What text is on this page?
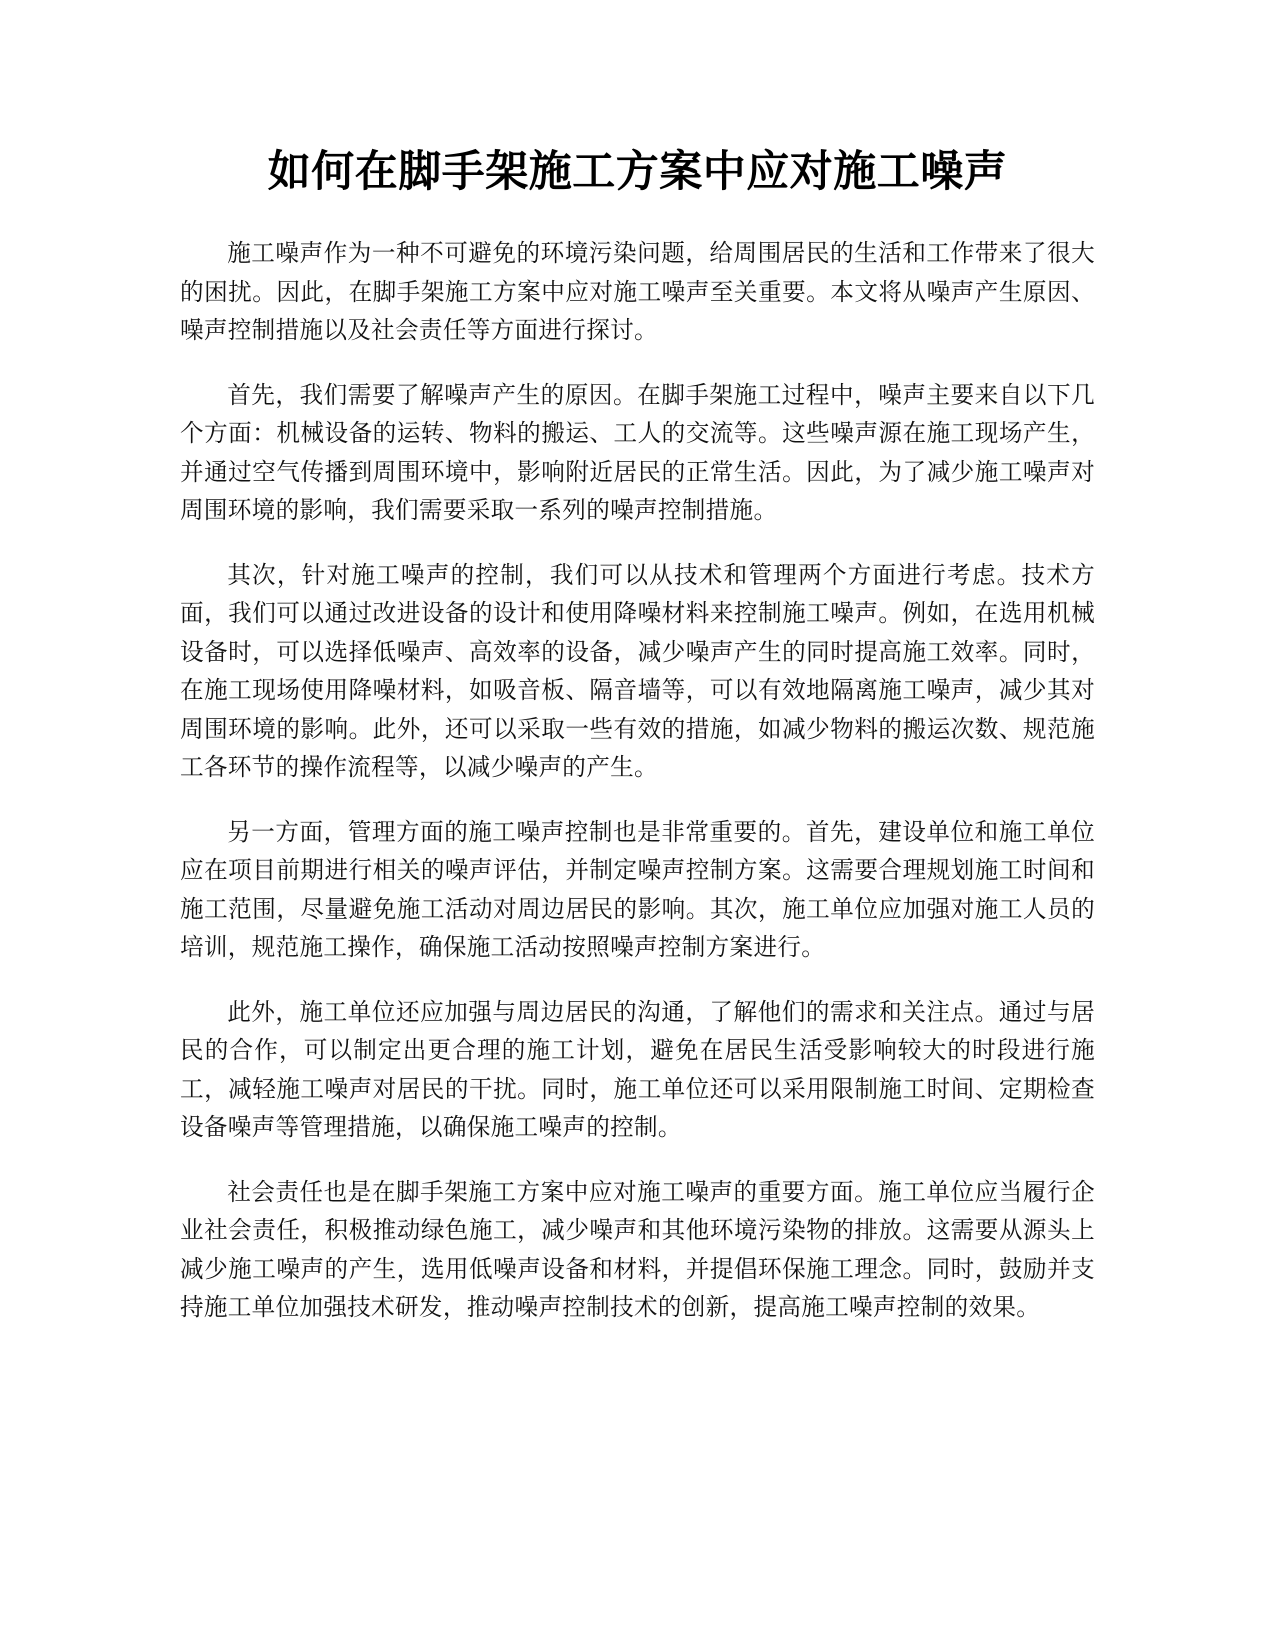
如何在脚手架施工方案中应对施工噪声

施工噪声作为一种不可避免的环境污染问题，给周围居民的生活和工作带来了很大的困扰。因此，在脚手架施工方案中应对施工噪声至关重要。本文将从噪声产生原因、噪声控制措施以及社会责任等方面进行探讨。

首先，我们需要了解噪声产生的原因。在脚手架施工过程中，噪声主要来自以下几个方面：机械设备的运转、物料的搬运、工人的交流等。这些噪声源在施工现场产生，并通过空气传播到周围环境中，影响附近居民的正常生活。因此，为了减少施工噪声对周围环境的影响，我们需要采取一系列的噪声控制措施。

其次，针对施工噪声的控制，我们可以从技术和管理两个方面进行考虑。技术方面，我们可以通过改进设备的设计和使用降噪材料来控制施工噪声。例如，在选用机械设备时，可以选择低噪声、高效率的设备，减少噪声产生的同时提高施工效率。同时，在施工现场使用降噪材料，如吸音板、隔音墙等，可以有效地隔离施工噪声，减少其对周围环境的影响。此外，还可以采取一些有效的措施，如减少物料的搬运次数、规范施工各环节的操作流程等，以减少噪声的产生。

另一方面，管理方面的施工噪声控制也是非常重要的。首先，建设单位和施工单位应在项目前期进行相关的噪声评估，并制定噪声控制方案。这需要合理规划施工时间和施工范围，尽量避免施工活动对周边居民的影响。其次，施工单位应加强对施工人员的培训，规范施工操作，确保施工活动按照噪声控制方案进行。

此外，施工单位还应加强与周边居民的沟通，了解他们的需求和关注点。通过与居民的合作，可以制定出更合理的施工计划，避免在居民生活受影响较大的时段进行施工，减轻施工噪声对居民的干扰。同时，施工单位还可以采用限制施工时间、定期检查设备噪声等管理措施，以确保施工噪声的控制。

社会责任也是在脚手架施工方案中应对施工噪声的重要方面。施工单位应当履行企业社会责任，积极推动绿色施工，减少噪声和其他环境污染物的排放。这需要从源头上减少施工噪声的产生，选用低噪声设备和材料，并提倡环保施工理念。同时，鼓励并支持施工单位加强技术研发，推动噪声控制技术的创新，提高施工噪声控制的效果。
